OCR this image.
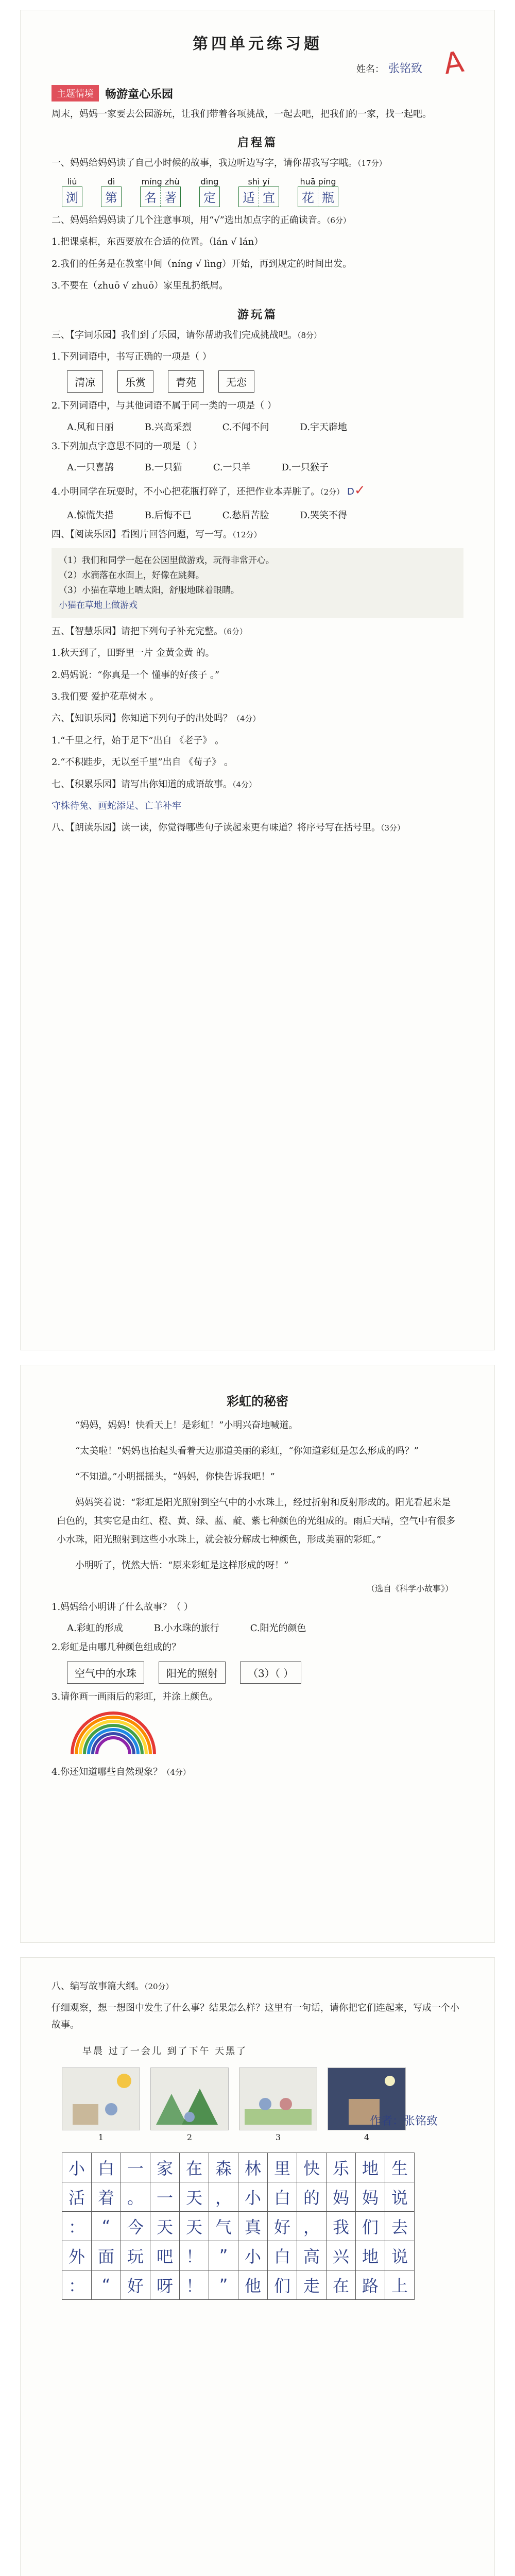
第四单元练习题
姓名： 张铭致 A
主题情境	畅游童心乐园
周末，妈妈一家要去公园游玩，让我们带着各项挑战，一起去吧，把我们的一家，找一起吧。
启程篇
一、妈妈给妈妈读了自己小时候的故事，我边听边写字，请你帮我写字哦。（17分）
liú
浏
dì
第
míng zhù
名 著
dìng
定
shì yí
适 宜
huā píng
花 瓶
二、妈妈给妈妈读了几个注意事项，用“√”选出加点字的正确读音。（6分）
1.把课桌柜，东西要放在合适的位置。（lán √ lán）
2.我们的任务是在教室中间（níng √ lìng）开始，再到规定的时间出发。
3.不要在（zhuō √ zhuō）家里乱扔纸屑。
游玩篇
三、【字词乐园】我们到了乐园，请你帮助我们完成挑战吧。（8分）
1.下列词语中，书写正确的一项是（ ）
清凉	乐赏	青苑	无恋
2.下列词语中，与其他词语不属于同一类的一项是（ ）
A.风和日丽	B.兴高采烈	C.不闻不问	D.宇天辟地
3.下列加点字意思不同的一项是（ ）
A.一只喜鹊	B.一只猫	C.一只羊	D.一只猴子
4.小明同学在玩耍时，不小心把花瓶打碎了，还把作业本弄脏了。（2分） D✓
A.惊慌失措	B.后悔不已	C.愁眉苦脸	D.哭笑不得
四、【阅读乐园】看图片回答问题，写一写。（12分）
（1）我们和同学一起在公园里做游戏，玩得非常开心。
（2）水滴落在水面上，好像在跳舞。
（3）小猫在草地上晒太阳，舒服地眯着眼睛。
小猫在草地上做游戏
五、【智慧乐园】请把下列句子补充完整。（6分）
1.秋天到了，田野里一片 金黄金黄 的。
2.妈妈说：“你真是一个 懂事的好孩子 。”
3.我们要 爱护花草树木 。
六、【知识乐园】你知道下列句子的出处吗？（4分）
1.“千里之行，始于足下”出自 《老子》 。
2.“不积跬步，无以至千里”出自 《荀子》 。
七、【积累乐园】请写出你知道的成语故事。（4分）
守株待兔、画蛇添足、亡羊补牢
八、【朗读乐园】读一读，你觉得哪些句子读起来更有味道？将序号写在括号里。（3分）
彩虹的秘密
“妈妈，妈妈！快看天上！是彩虹！”小明兴奋地喊道。
“太美啦！”妈妈也抬起头看着天边那道美丽的彩虹，“你知道彩虹是怎么形成的吗？”
“不知道。”小明摇摇头，“妈妈，你快告诉我吧！”
妈妈笑着说：“彩虹是阳光照射到空气中的小水珠上，经过折射和反射形成的。阳光看起来是白色的，其实它是由红、橙、黄、绿、蓝、靛、紫七种颜色的光组成的。雨后天晴，空气中有很多小水珠，阳光照射到这些小水珠上，就会被分解成七种颜色，形成美丽的彩虹。”
小明听了，恍然大悟：“原来彩虹是这样形成的呀！”
（选自《科学小故事》）
1.妈妈给小明讲了什么故事？（ ）
A.彩虹的形成	B.小水珠的旅行	C.阳光的颜色
2.彩虹是由哪几种颜色组成的？
空气中的水珠	阳光的照射	（3）（ ）
3.请你画一画雨后的彩虹，并涂上颜色。
4.你还知道哪些自然现象？（4分）
八、编写故事篇大纲。（20分）
仔细观察，想一想图中发生了什么事？结果怎么样？这里有一句话，请你把它们连起来，写成一个小故事。
早晨 过了一会儿 到了下午 天黑了
1	2	3	4
作者：张铭致
小 白 一 家 在 森 林 里 快 乐 地 生
活 着 。 一 天 ， 小 白 的 妈 妈 说
：	“	今 天 天 气 真 好 ， 我 们 去
外 面 玩 吧 ！	”	小 白 高 兴 地 说
：	“	好 呀 ！	”	他 们 走 在 路 上
